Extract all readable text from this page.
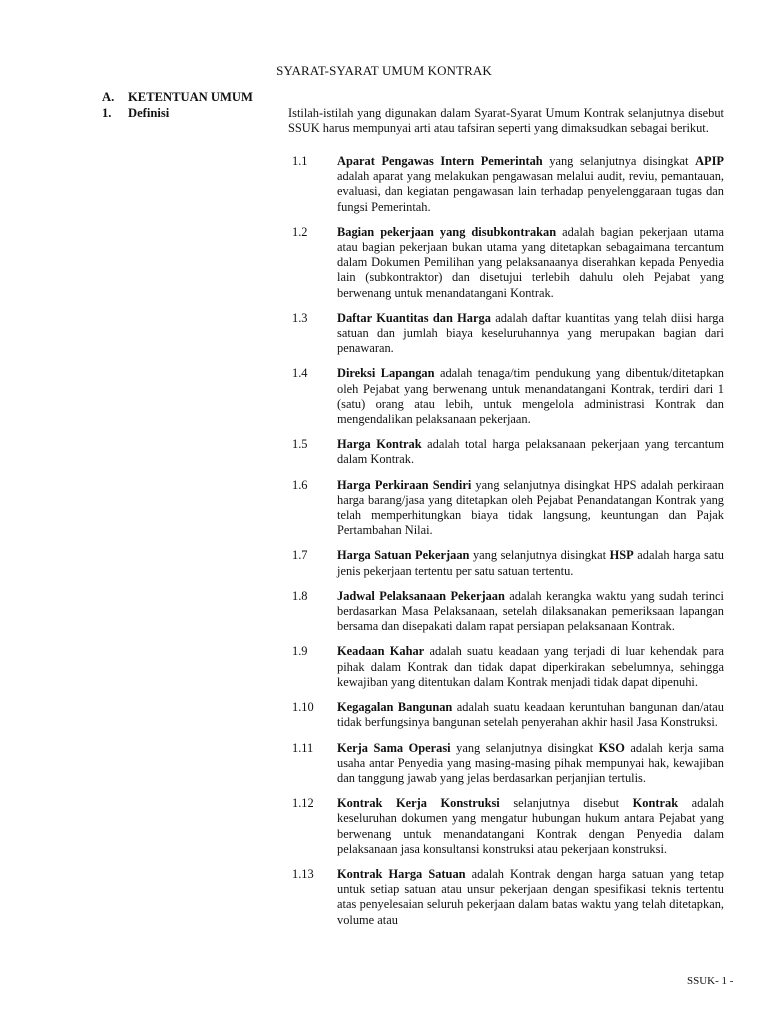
SYARAT-SYARAT UMUM KONTRAK
A. KETENTUAN UMUM
1. Definisi	Istilah-istilah yang digunakan dalam Syarat-Syarat Umum Kontrak selanjutnya disebut SSUK harus mempunyai arti atau tafsiran seperti yang dimaksudkan sebagai berikut.
1.1 Aparat Pengawas Intern Pemerintah yang selanjutnya disingkat APIP adalah aparat yang melakukan pengawasan melalui audit, reviu, pemantauan, evaluasi, dan kegiatan pengawasan lain terhadap penyelenggaraan tugas dan fungsi Pemerintah.
1.2 Bagian pekerjaan yang disubkontrakan adalah bagian pekerjaan utama atau bagian pekerjaan bukan utama yang ditetapkan sebagaimana tercantum dalam Dokumen Pemilihan yang pelaksanaanya diserahkan kepada Penyedia lain (subkontraktor) dan disetujui terlebih dahulu oleh Pejabat yang berwenang untuk menandatangani Kontrak.
1.3 Daftar Kuantitas dan Harga adalah daftar kuantitas yang telah diisi harga satuan dan jumlah biaya keseluruhannya yang merupakan bagian dari penawaran.
1.4 Direksi Lapangan adalah tenaga/tim pendukung yang dibentuk/ditetapkan oleh Pejabat yang berwenang untuk menandatangani Kontrak, terdiri dari 1 (satu) orang atau lebih, untuk mengelola administrasi Kontrak dan mengendalikan pelaksanaan pekerjaan.
1.5 Harga Kontrak adalah total harga pelaksanaan pekerjaan yang tercantum dalam Kontrak.
1.6 Harga Perkiraan Sendiri yang selanjutnya disingkat HPS adalah perkiraan harga barang/jasa yang ditetapkan oleh Pejabat Penandatangan Kontrak yang telah memperhitungkan biaya tidak langsung, keuntungan dan Pajak Pertambahan Nilai.
1.7 Harga Satuan Pekerjaan yang selanjutnya disingkat HSP adalah harga satu jenis pekerjaan tertentu per satu satuan tertentu.
1.8 Jadwal Pelaksanaan Pekerjaan adalah kerangka waktu yang sudah terinci berdasarkan Masa Pelaksanaan, setelah dilaksanakan pemeriksaan lapangan bersama dan disepakati dalam rapat persiapan pelaksanaan Kontrak.
1.9 Keadaan Kahar adalah suatu keadaan yang terjadi di luar kehendak para pihak dalam Kontrak dan tidak dapat diperkirakan sebelumnya, sehingga kewajiban yang ditentukan dalam Kontrak menjadi tidak dapat dipenuhi.
1.10 Kegagalan Bangunan adalah suatu keadaan keruntuhan bangunan dan/atau tidak berfungsinya bangunan setelah penyerahan akhir hasil Jasa Konstruksi.
1.11 Kerja Sama Operasi yang selanjutnya disingkat KSO adalah kerja sama usaha antar Penyedia yang masing-masing pihak mempunyai hak, kewajiban dan tanggung jawab yang jelas berdasarkan perjanjian tertulis.
1.12 Kontrak Kerja Konstruksi selanjutnya disebut Kontrak adalah keseluruhan dokumen yang mengatur hubungan hukum antara Pejabat yang berwenang untuk menandatangani Kontrak dengan Penyedia dalam pelaksanaan jasa konsultansi konstruksi atau pekerjaan konstruksi.
1.13 Kontrak Harga Satuan adalah Kontrak dengan harga satuan yang tetap untuk setiap satuan atau unsur pekerjaan dengan spesifikasi teknis tertentu atas penyelesaian seluruh pekerjaan dalam batas waktu yang telah ditetapkan, volume atau
SSUK- 1 -
